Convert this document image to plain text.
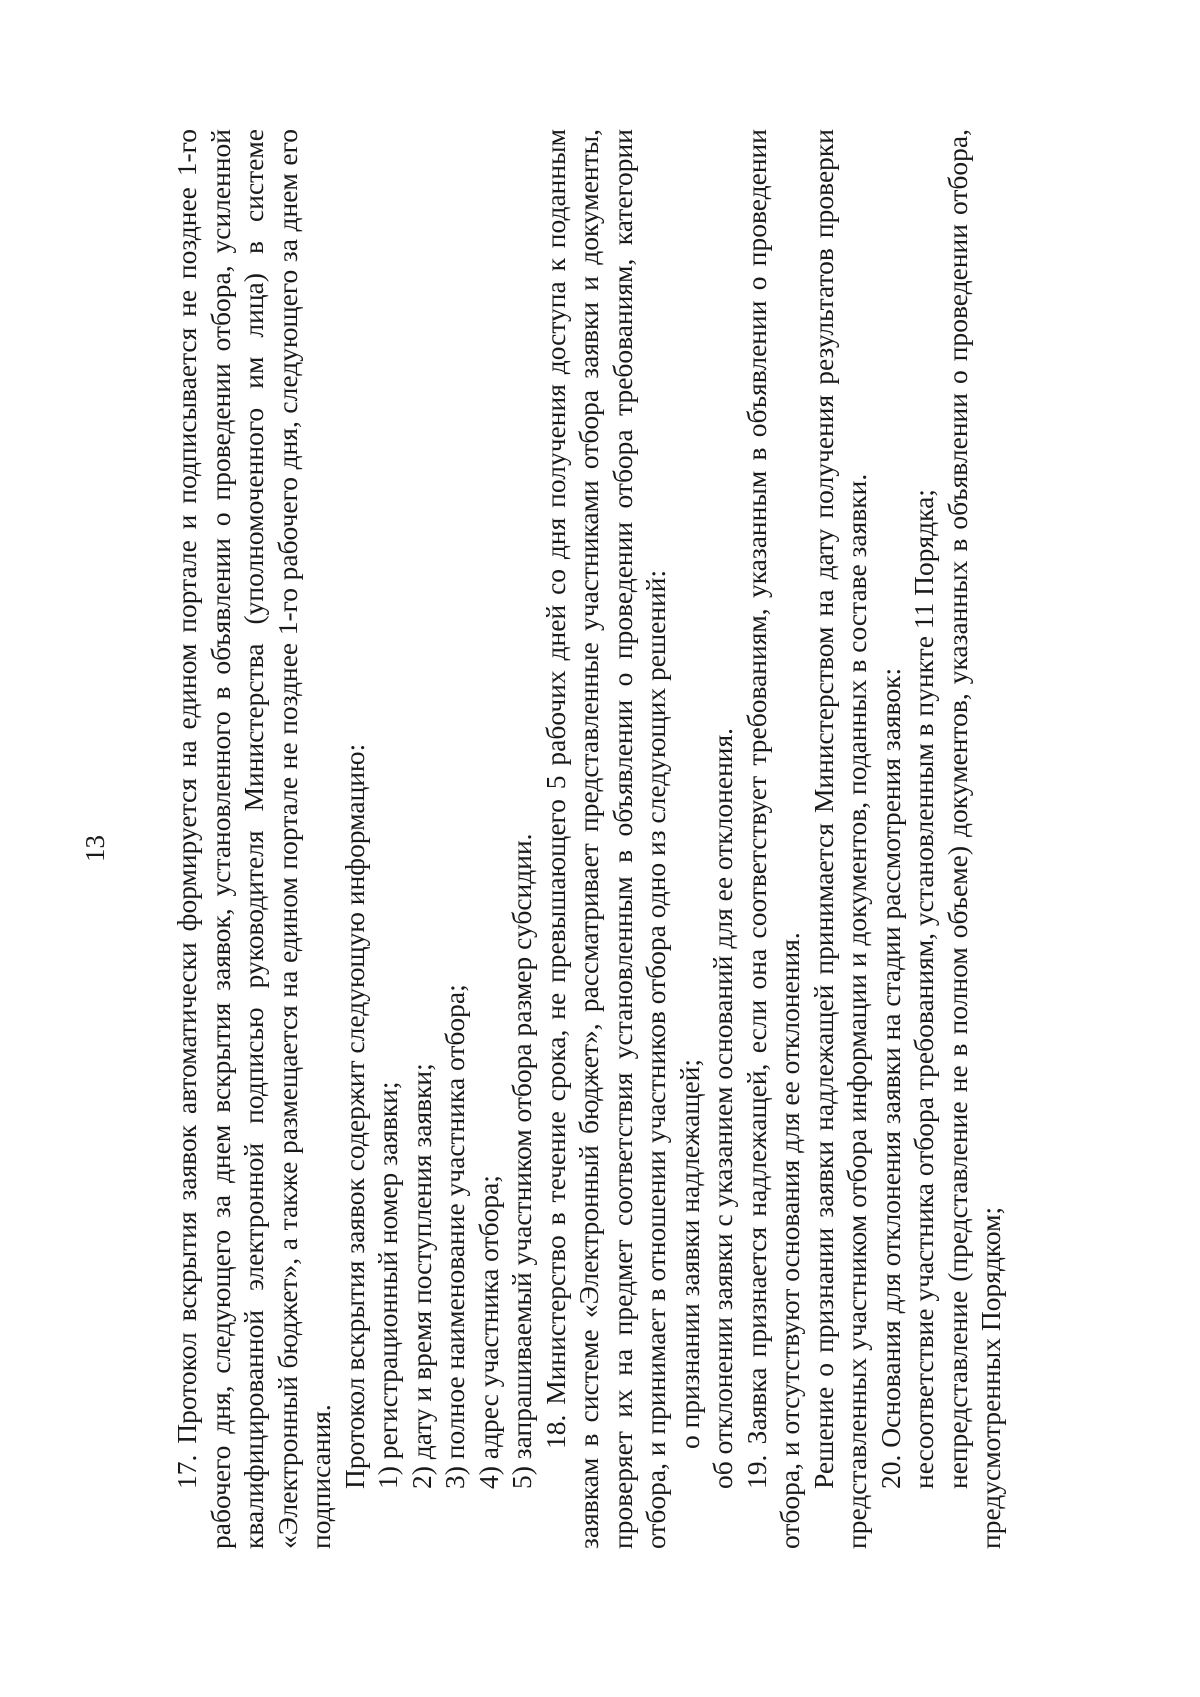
13 17. Протокол вскрытия заявок автоматически формируется на едином портале и подписывается не позднее 1-го рабочего дня, следующего за днем вскрытия заявок, установленного в объявлении о проведении отбора, усиленной квалифицированной электронной подписью руководителя Министерства (уполномоченного им лица) в системе «Электронный бюджет», а также размещается на едином портале не позднее 1-го рабочего дня, следующего за днем его подписания. Протокол вскрытия заявок содержит следующую информацию: 1) регистрационный номер заявки; 2) дату и время поступления заявки; 3) полное наименование участника отбора; 4) адрес участника отбора; 5) запрашиваемый участником отбора размер субсидии. 18. Министерство в течение срока, не превышающего 5 рабочих дней со дня получения доступа к поданным заявкам в системе «Электронный бюджет», рассматривает представленные участниками отбора заявки и документы, проверяет их на предмет соответствия установленным в объявлении о проведении отбора требованиям, категории отбора, и принимает в отношении участников отбора одно из следующих решений: о признании заявки надлежащей; об отклонении заявки с указанием оснований для ее отклонения. 19. Заявка признается надлежащей, если она соответствует требованиям, указанным в объявлении о проведении отбора, и отсутствуют основания для ее отклонения. Решение о признании заявки надлежащей принимается Министерством на дату получения результатов проверки представленных участником отбора информации и документов, поданных в составе заявки. 20. Основания для отклонения заявки на стадии рассмотрения заявок: несоответствие участника отбора требованиям, установленным в пункте 11 Порядка; непредставление (представление не в полном объеме) документов, указанных в объявлении о проведении отбора, предусмотренных Порядком;
